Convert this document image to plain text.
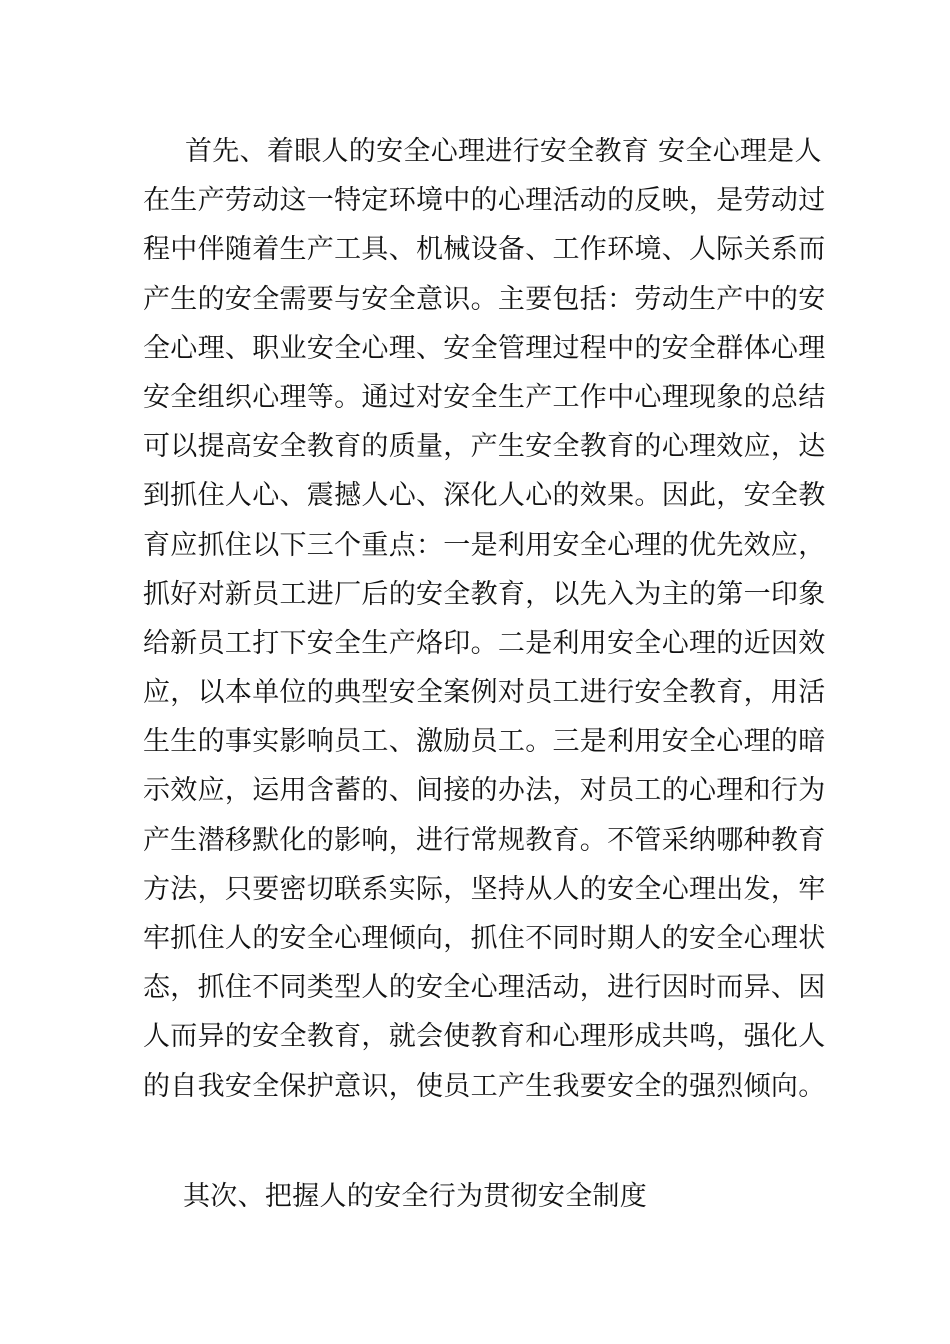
首先、着眼人的安全心理进行安全教育 安全心理是人
在生产劳动这一特定环境中的心理活动的反映，是劳动过
程中伴随着生产工具、机械设备、工作环境、人际关系而
产生的安全需要与安全意识。主要包括：劳动生产中的安
全心理、职业安全心理、安全管理过程中的安全群体心理
安全组织心理等。通过对安全生产工作中心理现象的总结
可以提高安全教育的质量，产生安全教育的心理效应，达
到抓住人心、震撼人心、深化人心的效果。因此，安全教
育应抓住以下三个重点：一是利用安全心理的优先效应，
抓好对新员工进厂后的安全教育，以先入为主的第一印象
给新员工打下安全生产烙印。二是利用安全心理的近因效
应，以本单位的典型安全案例对员工进行安全教育，用活
生生的事实影响员工、激励员工。三是利用安全心理的暗
示效应，运用含蓄的、间接的办法，对员工的心理和行为
产生潜移默化的影响，进行常规教育。不管采纳哪种教育
方法，只要密切联系实际，坚持从人的安全心理出发，牢
牢抓住人的安全心理倾向，抓住不同时期人的安全心理状
态，抓住不同类型人的安全心理活动，进行因时而异、因
人而异的安全教育，就会使教育和心理形成共鸣，强化人
的自我安全保护意识，使员工产生我要安全的强烈倾向。
其次、把握人的安全行为贯彻安全制度
